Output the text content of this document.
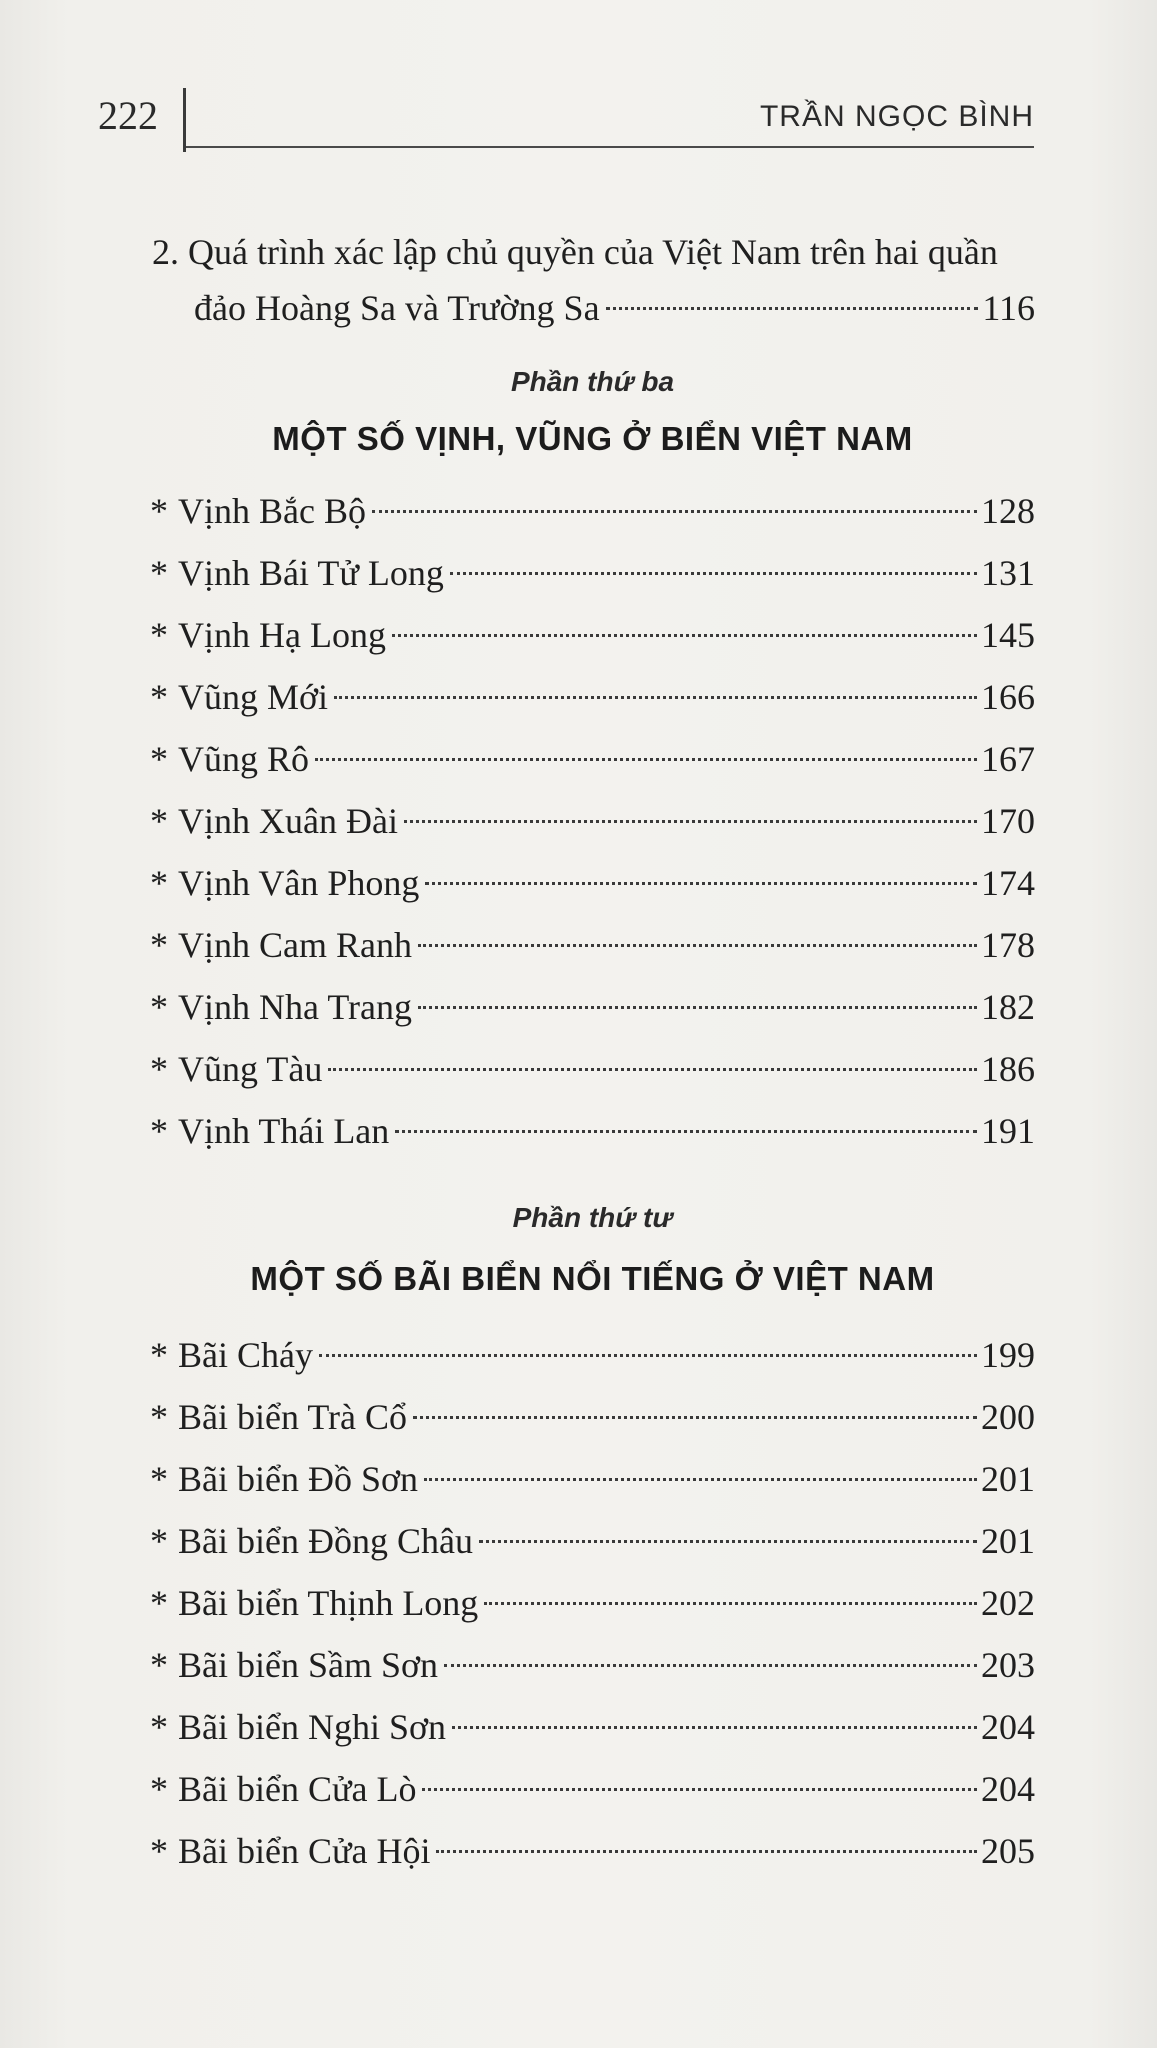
222	TRẦN NGỌC BÌNH
2. Quá trình xác lập chủ quyền của Việt Nam trên hai quần
đảo Hoàng Sa và Trường Sa	116
Phần thứ ba
MỘT SỐ VỊNH, VŨNG Ở BIỂN VIỆT NAM
* Vịnh Bắc Bộ	128
* Vịnh Bái Tử Long	131
* Vịnh Hạ Long	145
* Vũng Mới	166
* Vũng Rô	167
* Vịnh Xuân Đài	170
* Vịnh Vân Phong	174
* Vịnh Cam Ranh	178
* Vịnh Nha Trang	182
* Vũng Tàu	186
* Vịnh Thái Lan	191
Phần thứ tư
MỘT SỐ BÃI BIỂN NỔI TIẾNG Ở VIỆT NAM
* Bãi Cháy	199
* Bãi biển Trà Cổ	200
* Bãi biển Đồ Sơn	201
* Bãi biển Đồng Châu	201
* Bãi biển Thịnh Long	202
* Bãi biển Sầm Sơn	203
* Bãi biển Nghi Sơn	204
* Bãi biển Cửa Lò	204
* Bãi biển Cửa Hội	205
